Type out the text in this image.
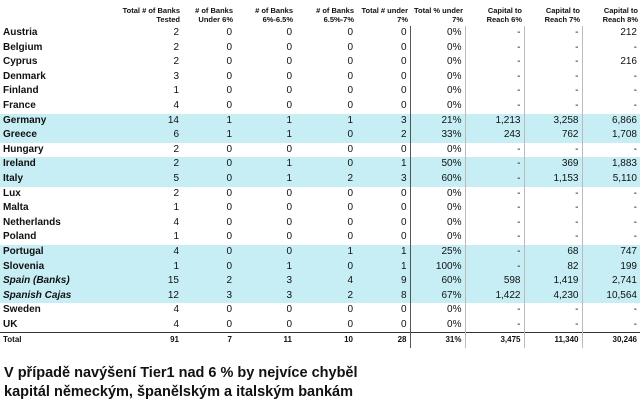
	Total # of Banks Tested	# of Banks Under 6%	# of Banks 6%-6.5%	# of Banks 6.5%-7%	Total # under 7%	Total % under 7%	Capital to Reach 6%	Capital to Reach 7%	Capital to Reach 8%
Austria	2	0	0	0	0	0%	-	-	212
Belgium	2	0	0	0	0	0%	-	-	-
Cyprus	2	0	0	0	0	0%	-	-	216
Denmark	3	0	0	0	0	0%	-	-	-
Finland	1	0	0	0	0	0%	-	-	-
France	4	0	0	0	0	0%	-	-	-
Germany	14	1	1	1	3	21%	1,213	3,258	6,866
Greece	6	1	1	0	2	33%	243	762	1,708
Hungary	2	0	0	0	0	0%	-	-	-
Ireland	2	0	1	0	1	50%	-	369	1,883
Italy	5	0	1	2	3	60%	-	1,153	5,110
Lux	2	0	0	0	0	0%	-	-	-
Malta	1	0	0	0	0	0%	-	-	-
Netherlands	4	0	0	0	0	0%	-	-	-
Poland	1	0	0	0	0	0%	-	-	-
Portugal	4	0	0	1	1	25%	-	68	747
Slovenia	1	0	1	0	1	100%	-	82	199
Spain (Banks)	15	2	3	4	9	60%	598	1,419	2,741
Spanish Cajas	12	3	3	2	8	67%	1,422	4,230	10,564
Sweden	4	0	0	0	0	0%	-	-	-
UK	4	0	0	0	0	0%	-	-	-
Total	91	7	11	10	28	31%	3,475	11,340	30,246
V případě navýšení Tier1 nad 6 % by nejvíce chyběl
kapitál německým, španělským a italským bankám
